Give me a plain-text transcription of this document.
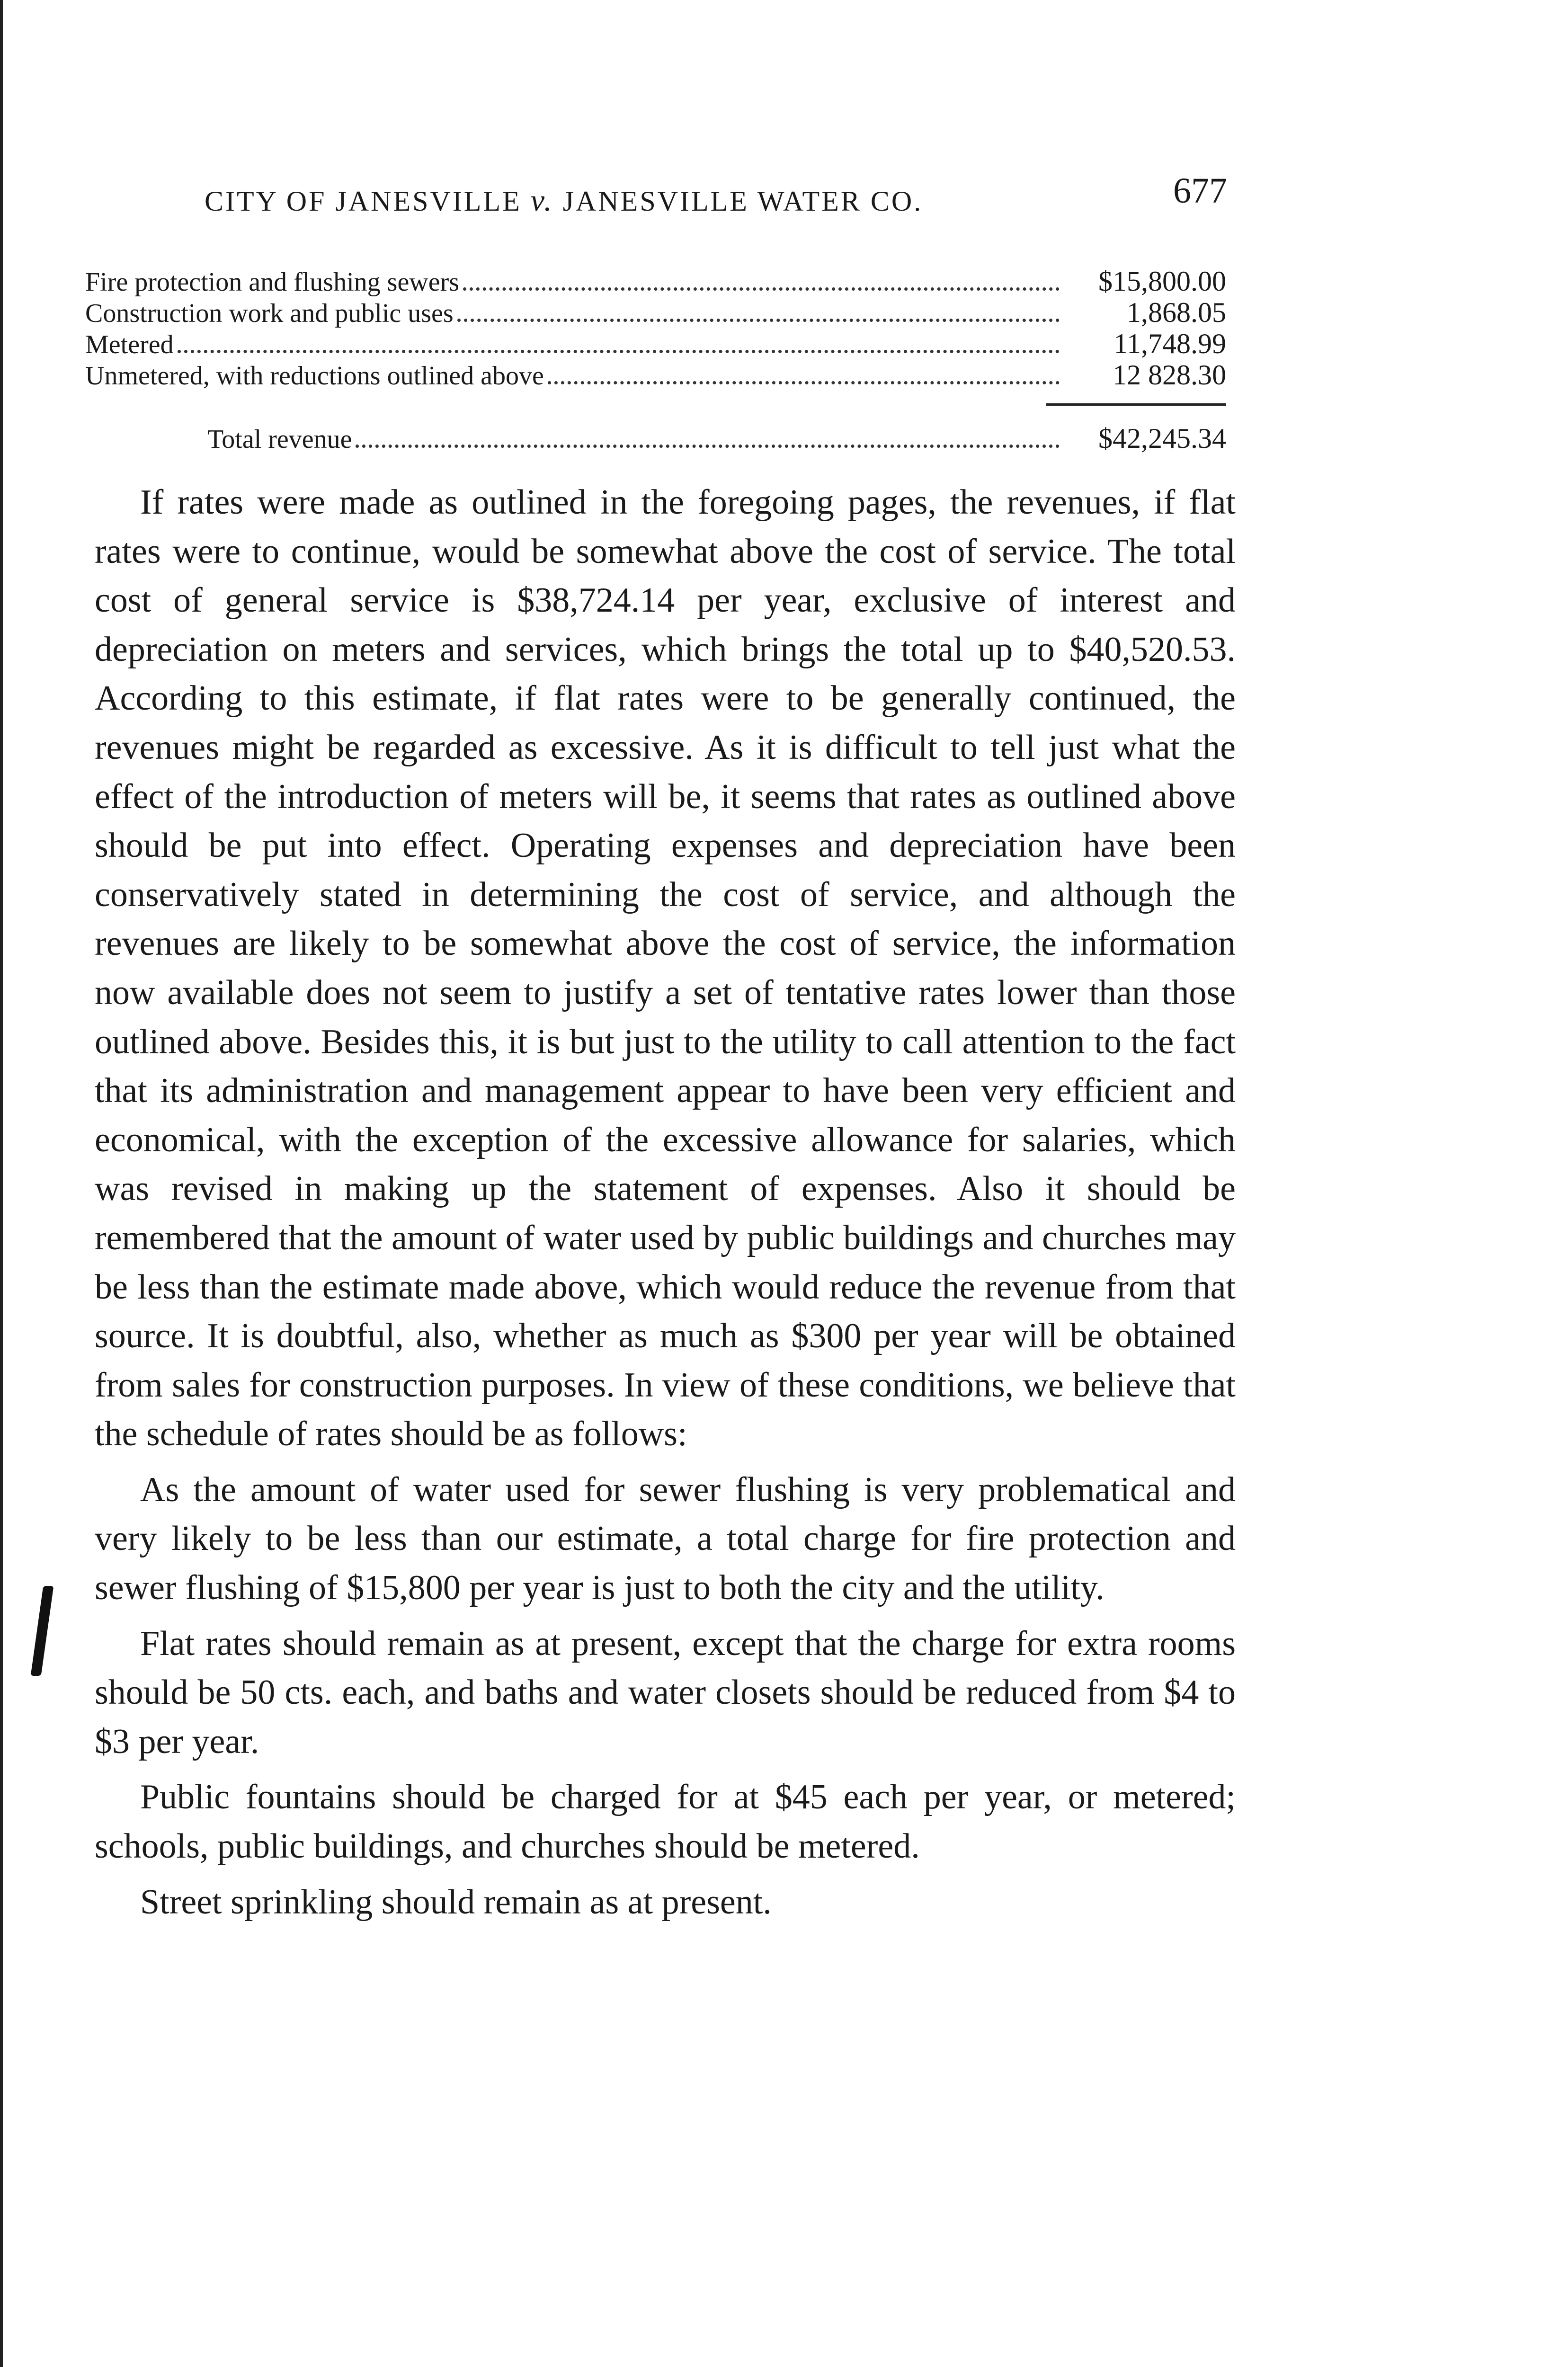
CITY OF JANESVILLE v. JANESVILLE WATER CO.	677
Fire protection and flushing sewers	$15,800.00
Construction work and public uses	1,868.05
Metered	11,748.99
Unmetered, with reductions outlined above	12 828.30
Total revenue	$42,245.34

If rates were made as outlined in the foregoing pages, the revenues, if flat rates were to continue, would be somewhat above the cost of service. The total cost of general service is $38,724.14 per year, exclusive of interest and depreciation on meters and services, which brings the total up to $40,520.53. According to this estimate, if flat rates were to be generally continued, the revenues might be regarded as excessive. As it is difficult to tell just what the effect of the introduction of meters will be, it seems that rates as outlined above should be put into effect. Operating expenses and depreciation have been conservatively stated in determining the cost of service, and although the revenues are likely to be somewhat above the cost of service, the information now available does not seem to justify a set of tentative rates lower than those outlined above. Besides this, it is but just to the utility to call attention to the fact that its administration and management appear to have been very efficient and economical, with the exception of the excessive allowance for salaries, which was revised in making up the statement of expenses. Also it should be remembered that the amount of water used by public buildings and churches may be less than the estimate made above, which would reduce the revenue from that source. It is doubtful, also, whether as much as $300 per year will be obtained from sales for construction purposes. In view of these conditions, we believe that the schedule of rates should be as follows:

As the amount of water used for sewer flushing is very problematical and very likely to be less than our estimate, a total charge for fire protection and sewer flushing of $15,800 per year is just to both the city and the utility.

Flat rates should remain as at present, except that the charge for extra rooms should be 50 cts. each, and baths and water closets should be reduced from $4 to $3 per year.

Public fountains should be charged for at $45 each per year, or metered; schools, public buildings, and churches should be metered.

Street sprinkling should remain as at present.
